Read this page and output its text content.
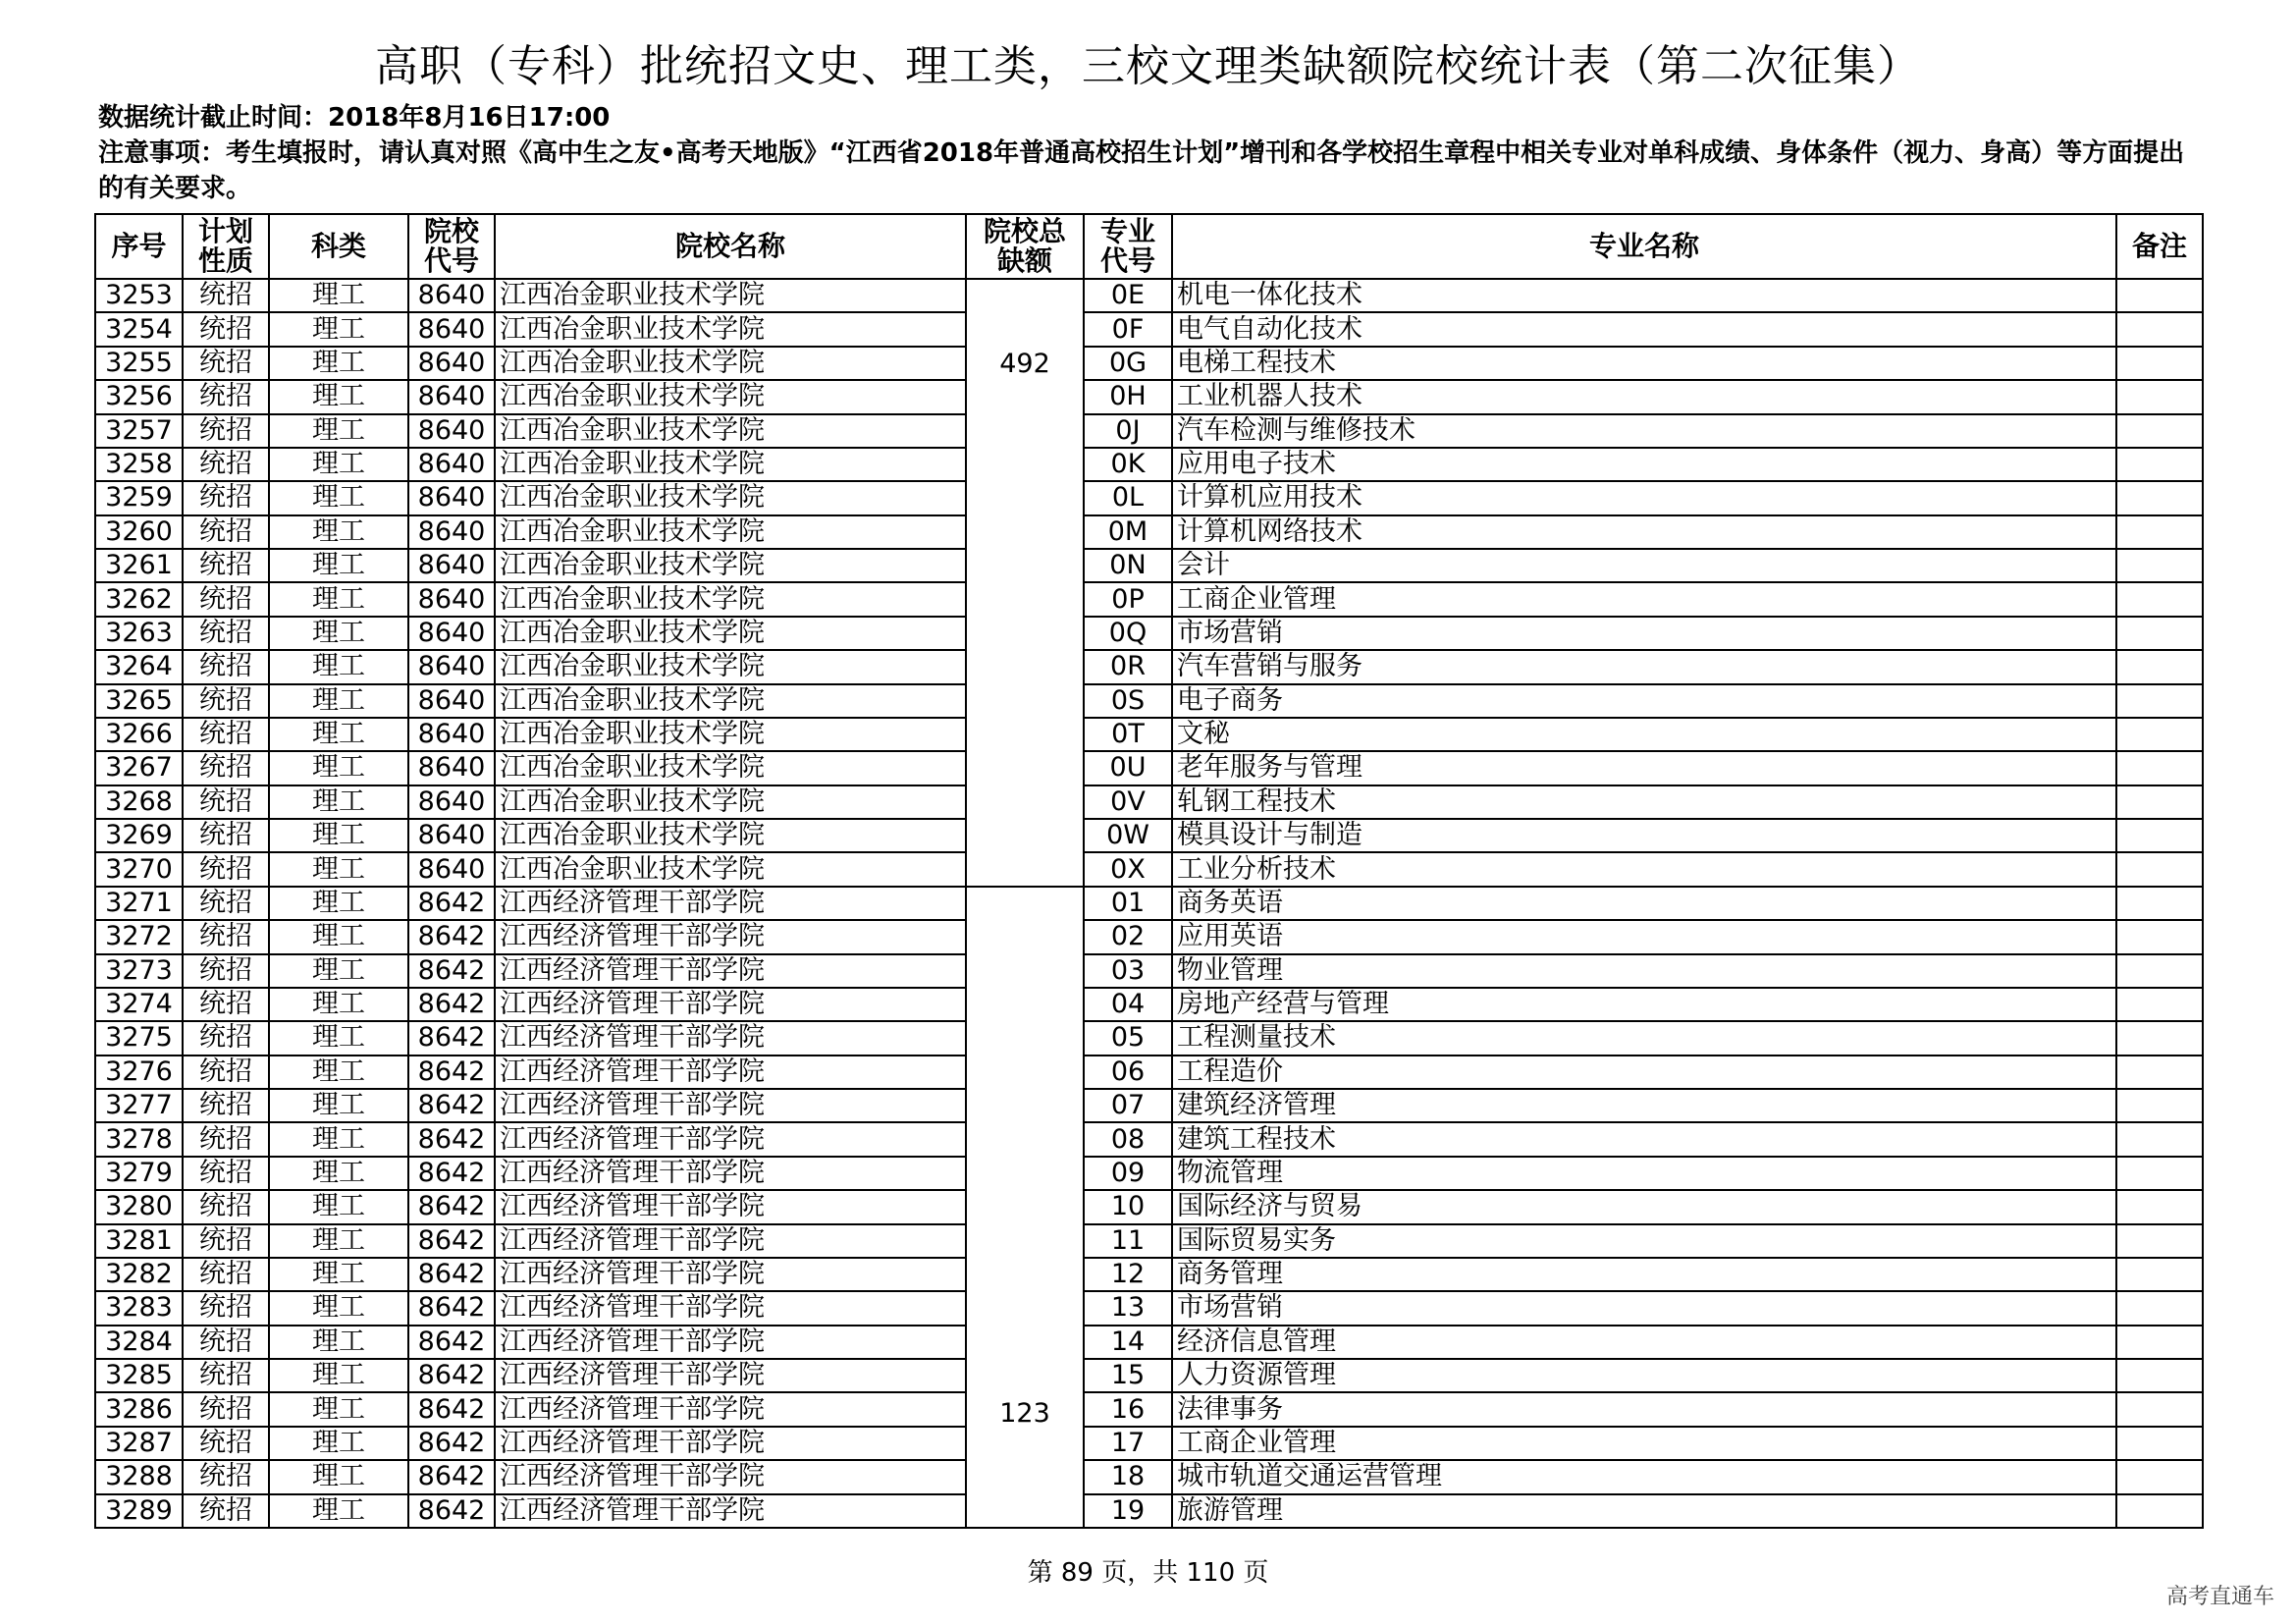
高职（专科）批统招文史、理工类，三校文理类缺额院校统计表（第二次征集）
数据统计截止时间：2018年8月16日17:00
注意事项：考生填报时，请认真对照《高中生之友•高考天地版》“江西省2018年普通高校招生计划”增刊和各学校招生章程中相关专业对单科成绩、身体条件（视力、身高）等方面提出的有关要求。
序号	计划性质	科类	院校代号	院校名称	院校总缺额	专业代号	专业名称	备注
3253	统招	理工	8640	江西冶金职业技术学院	492	0E	机电一体化技术	
3254	统招	理工	8640	江西冶金职业技术学院		0F	电气自动化技术	
3255	统招	理工	8640	江西冶金职业技术学院		0G	电梯工程技术	
3256	统招	理工	8640	江西冶金职业技术学院		0H	工业机器人技术	
3257	统招	理工	8640	江西冶金职业技术学院		0J	汽车检测与维修技术	
3258	统招	理工	8640	江西冶金职业技术学院		0K	应用电子技术	
3259	统招	理工	8640	江西冶金职业技术学院		0L	计算机应用技术	
3260	统招	理工	8640	江西冶金职业技术学院		0M	计算机网络技术	
3261	统招	理工	8640	江西冶金职业技术学院		0N	会计	
3262	统招	理工	8640	江西冶金职业技术学院		0P	工商企业管理	
3263	统招	理工	8640	江西冶金职业技术学院		0Q	市场营销	
3264	统招	理工	8640	江西冶金职业技术学院		0R	汽车营销与服务	
3265	统招	理工	8640	江西冶金职业技术学院		0S	电子商务	
3266	统招	理工	8640	江西冶金职业技术学院		0T	文秘	
3267	统招	理工	8640	江西冶金职业技术学院		0U	老年服务与管理	
3268	统招	理工	8640	江西冶金职业技术学院		0V	轧钢工程技术	
3269	统招	理工	8640	江西冶金职业技术学院		0W	模具设计与制造	
3270	统招	理工	8640	江西冶金职业技术学院		0X	工业分析技术	
3271	统招	理工	8642	江西经济管理干部学院	123	01	商务英语	
3272	统招	理工	8642	江西经济管理干部学院		02	应用英语	
3273	统招	理工	8642	江西经济管理干部学院		03	物业管理	
3274	统招	理工	8642	江西经济管理干部学院		04	房地产经营与管理	
3275	统招	理工	8642	江西经济管理干部学院		05	工程测量技术	
3276	统招	理工	8642	江西经济管理干部学院		06	工程造价	
3277	统招	理工	8642	江西经济管理干部学院		07	建筑经济管理	
3278	统招	理工	8642	江西经济管理干部学院		08	建筑工程技术	
3279	统招	理工	8642	江西经济管理干部学院		09	物流管理	
3280	统招	理工	8642	江西经济管理干部学院		10	国际经济与贸易	
3281	统招	理工	8642	江西经济管理干部学院		11	国际贸易实务	
3282	统招	理工	8642	江西经济管理干部学院		12	商务管理	
3283	统招	理工	8642	江西经济管理干部学院		13	市场营销	
3284	统招	理工	8642	江西经济管理干部学院		14	经济信息管理	
3285	统招	理工	8642	江西经济管理干部学院		15	人力资源管理	
3286	统招	理工	8642	江西经济管理干部学院		16	法律事务	
3287	统招	理工	8642	江西经济管理干部学院		17	工商企业管理	
3288	统招	理工	8642	江西经济管理干部学院		18	城市轨道交通运营管理	
3289	统招	理工	8642	江西经济管理干部学院		19	旅游管理	
第 89 页，共 110 页
高考直通车
